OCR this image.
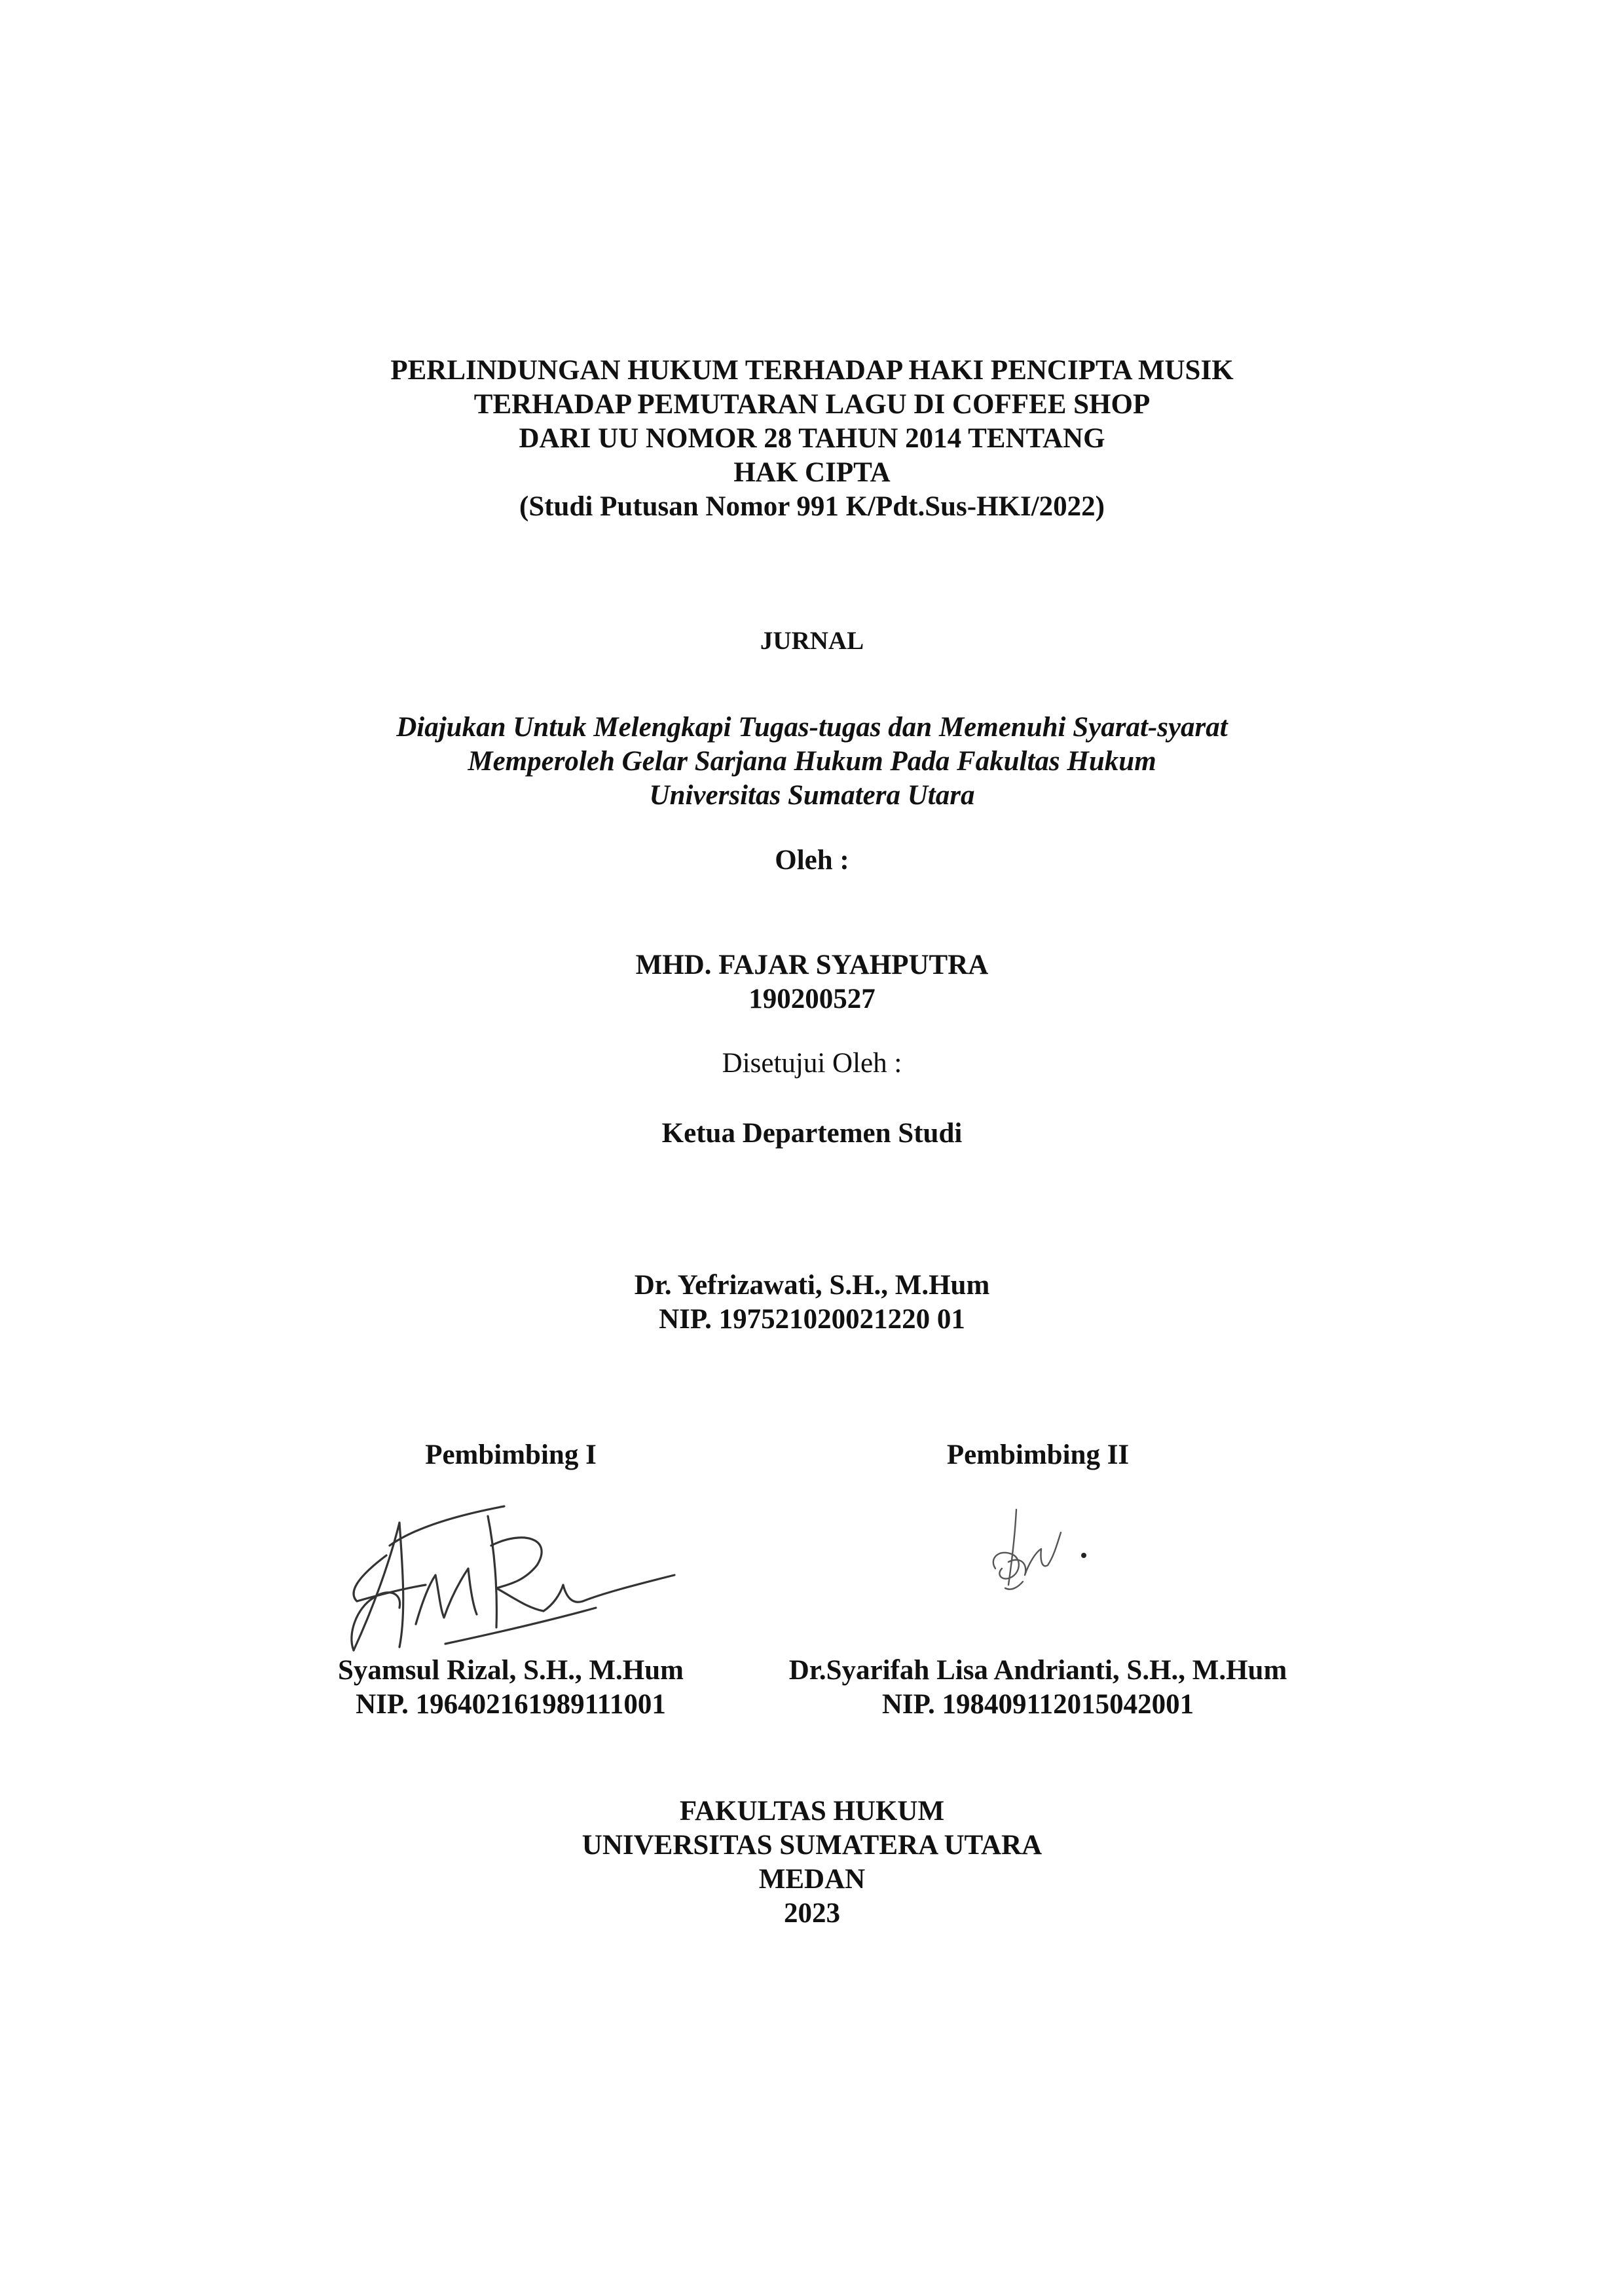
PERLINDUNGAN HUKUM TERHADAP HAKI PENCIPTA MUSIK
TERHADAP PEMUTARAN LAGU DI COFFEE SHOP
DARI UU NOMOR 28 TAHUN 2014 TENTANG
HAK CIPTA
(Studi Putusan Nomor 991 K/Pdt.Sus-HKI/2022)
JURNAL
Diajukan Untuk Melengkapi Tugas-tugas dan Memenuhi Syarat-syarat
Memperoleh Gelar Sarjana Hukum Pada Fakultas Hukum
Universitas Sumatera Utara
Oleh :
MHD. FAJAR SYAHPUTRA
190200527
Disetujui Oleh :
Ketua Departemen Studi
Dr. Yefrizawati, S.H., M.Hum
NIP. 197521020021220 01
Pembimbing I
Syamsul Rizal, S.H., M.Hum
NIP. 196402161989111001
Pembimbing II
Dr.Syarifah Lisa Andrianti, S.H., M.Hum
NIP. 198409112015042001
FAKULTAS HUKUM
UNIVERSITAS SUMATERA UTARA
MEDAN
2023
